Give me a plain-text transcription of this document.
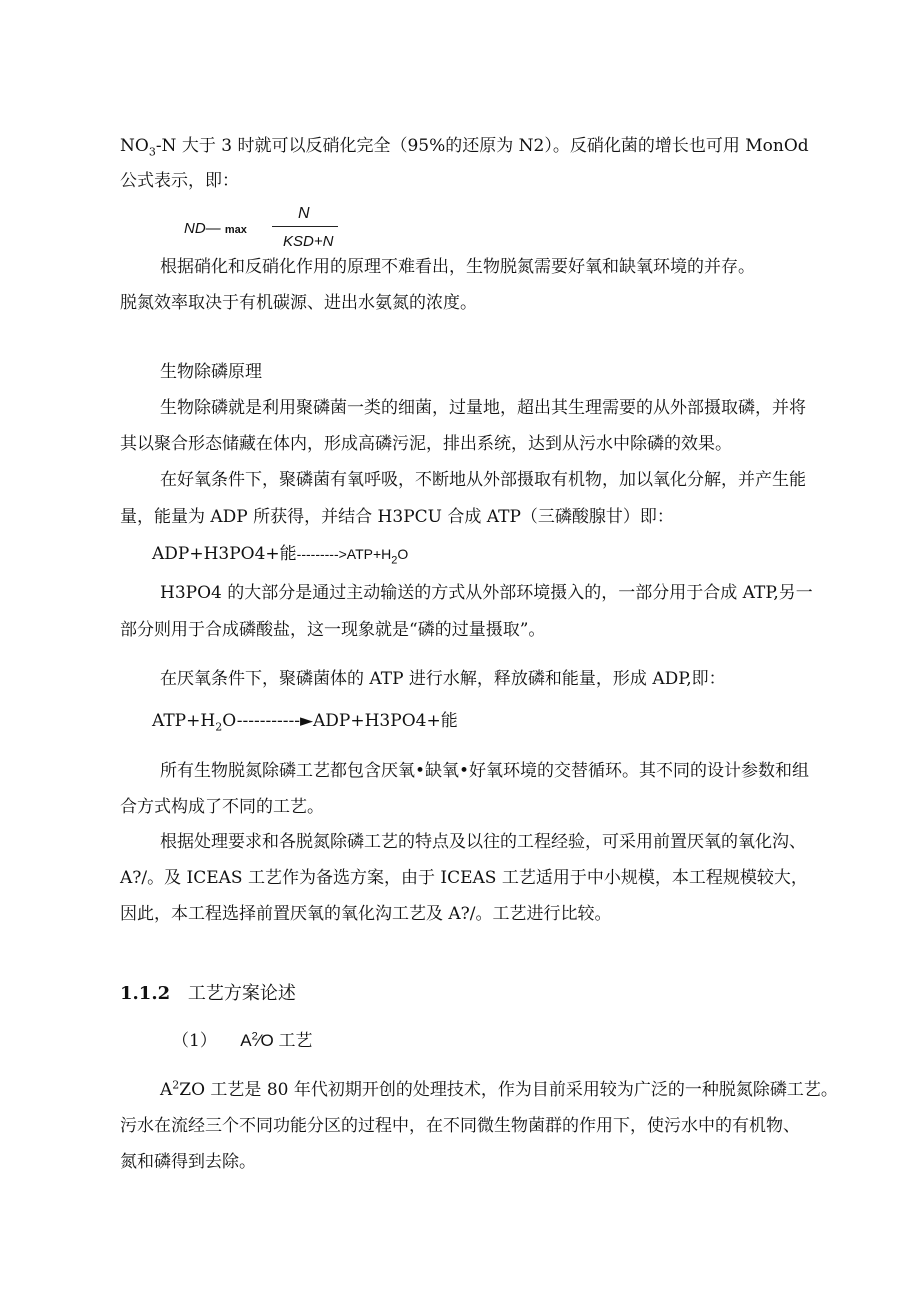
$NO_3-N$ 大于 3 时就可以反硝化完全（95%的还原为 N2）。反硝化菌的增长也可用 MonOd
公式表示，即：
ND— max
N
KSD+N
根据硝化和反硝化作用的原理不难看出，生物脱氮需要好氧和缺氧环境的并存。
脱氮效率取决于有机碳源、进出水氨氮的浓度。
生物除磷原理
生物除磷就是利用聚磷菌一类的细菌，过量地，超出其生理需要的从外部摄取磷，并将
其以聚合形态储藏在体内，形成高磷污泥，排出系统，达到从污水中除磷的效果。
在好氧条件下，聚磷菌有氧呼吸，不断地从外部摄取有机物，加以氧化分解，并产生能
量，能量为 ADP 所获得，并结合 H3PCU 合成 ATP（三磷酸腺甘）即：
ADP+H3PO4+能$--------->ATP+H_2O$
H3PO4 的大部分是通过主动输送的方式从外部环境摄入的，一部分用于合成 ATP,另一
部分则用于合成磷酸盐，这一现象就是“磷的过量摄取”。
在厌氧条件下，聚磷菌体的 ATP 进行水解，释放磷和能量，形成 ADP,即：
$ATP+H_2O-----------►ADP+H3PO4+$能
所有生物脱氮除磷工艺都包含厌氧•缺氧•好氧环境的交替循环。其不同的设计参数和组
合方式构成了不同的工艺。
根据处理要求和各脱氮除磷工艺的特点及以往的工程经验，可采用前置厌氧的氧化沟、
A?/。及 ICEAS 工艺作为备选方案，由于 ICEAS 工艺适用于中小规模，本工程规模较大，
因此，本工程选择前置厌氧的氧化沟工艺及 A?/。工艺进行比较。
1.1.2 工艺方案论述
（1） $A^2⁄O$ 工艺
$A^2ZO$ 工艺是 80 年代初期开创的处理技术，作为目前采用较为广泛的一种脱氮除磷工艺。
污水在流经三个不同功能分区的过程中，在不同微生物菌群的作用下，使污水中的有机物、
氮和磷得到去除。
